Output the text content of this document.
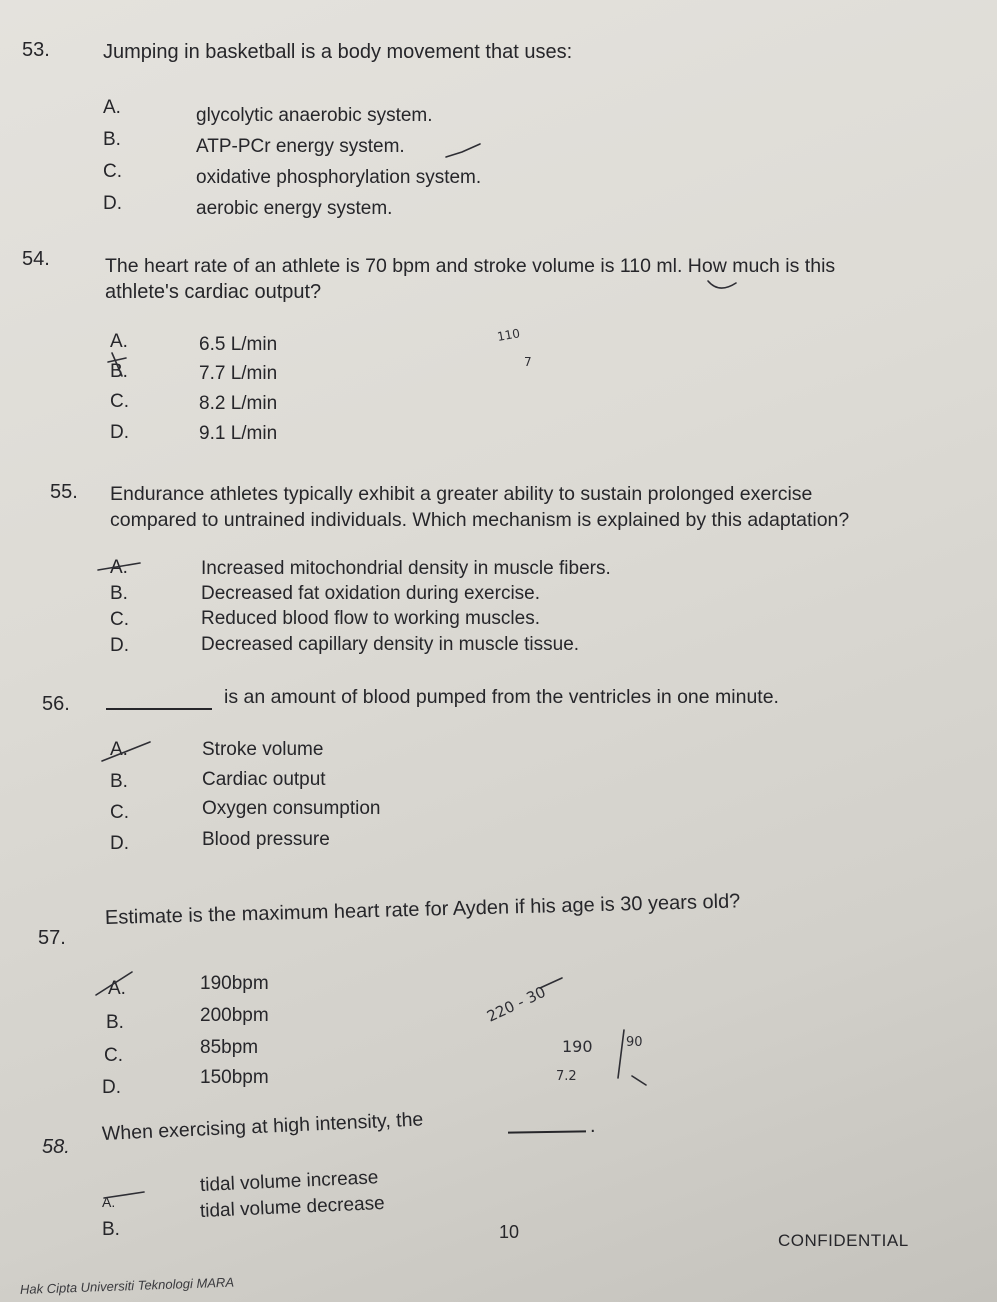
53.	Jumping in basketball is a body movement that uses:
A.	glycolytic anaerobic system.
B.	ATP-PCr energy system.
C.	oxidative phosphorylation system.
D.	aerobic energy system.
54.	The heart rate of an athlete is 70 bpm and stroke volume is 110 ml. How much is this
athlete's cardiac output?
A.	6.5 L/min
B.	7.7 L/min
C.	8.2 L/min
D.	9.1 L/min
55. Endurance athletes typically exhibit a greater ability to sustain prolonged exercise
compared to untrained individuals. Which mechanism is explained by this adaptation?
A.	Increased mitochondrial density in muscle fibers.
B.	Decreased fat oxidation during exercise.
C.	Reduced blood flow to working muscles.
D.	Decreased capillary density in muscle tissue.
56.	is an amount of blood pumped from the ventricles in one minute.
A.	Stroke volume
B.	Cardiac output
C.	Oxygen consumption
D.	Blood pressure
57.
Estimate is the maximum heart rate for Ayden if his age is 30 years old?
A.	190bpm
B.	200bpm
C.	85bpm
D.	150bpm
58.
When exercising at high intensity, the	.
A.
tidal volume increase
B.
tidal volume decrease
10	CONFIDENTIAL
Hak Cipta Universiti Teknologi MARA
110
7
220 - 30
190	90
7.2
